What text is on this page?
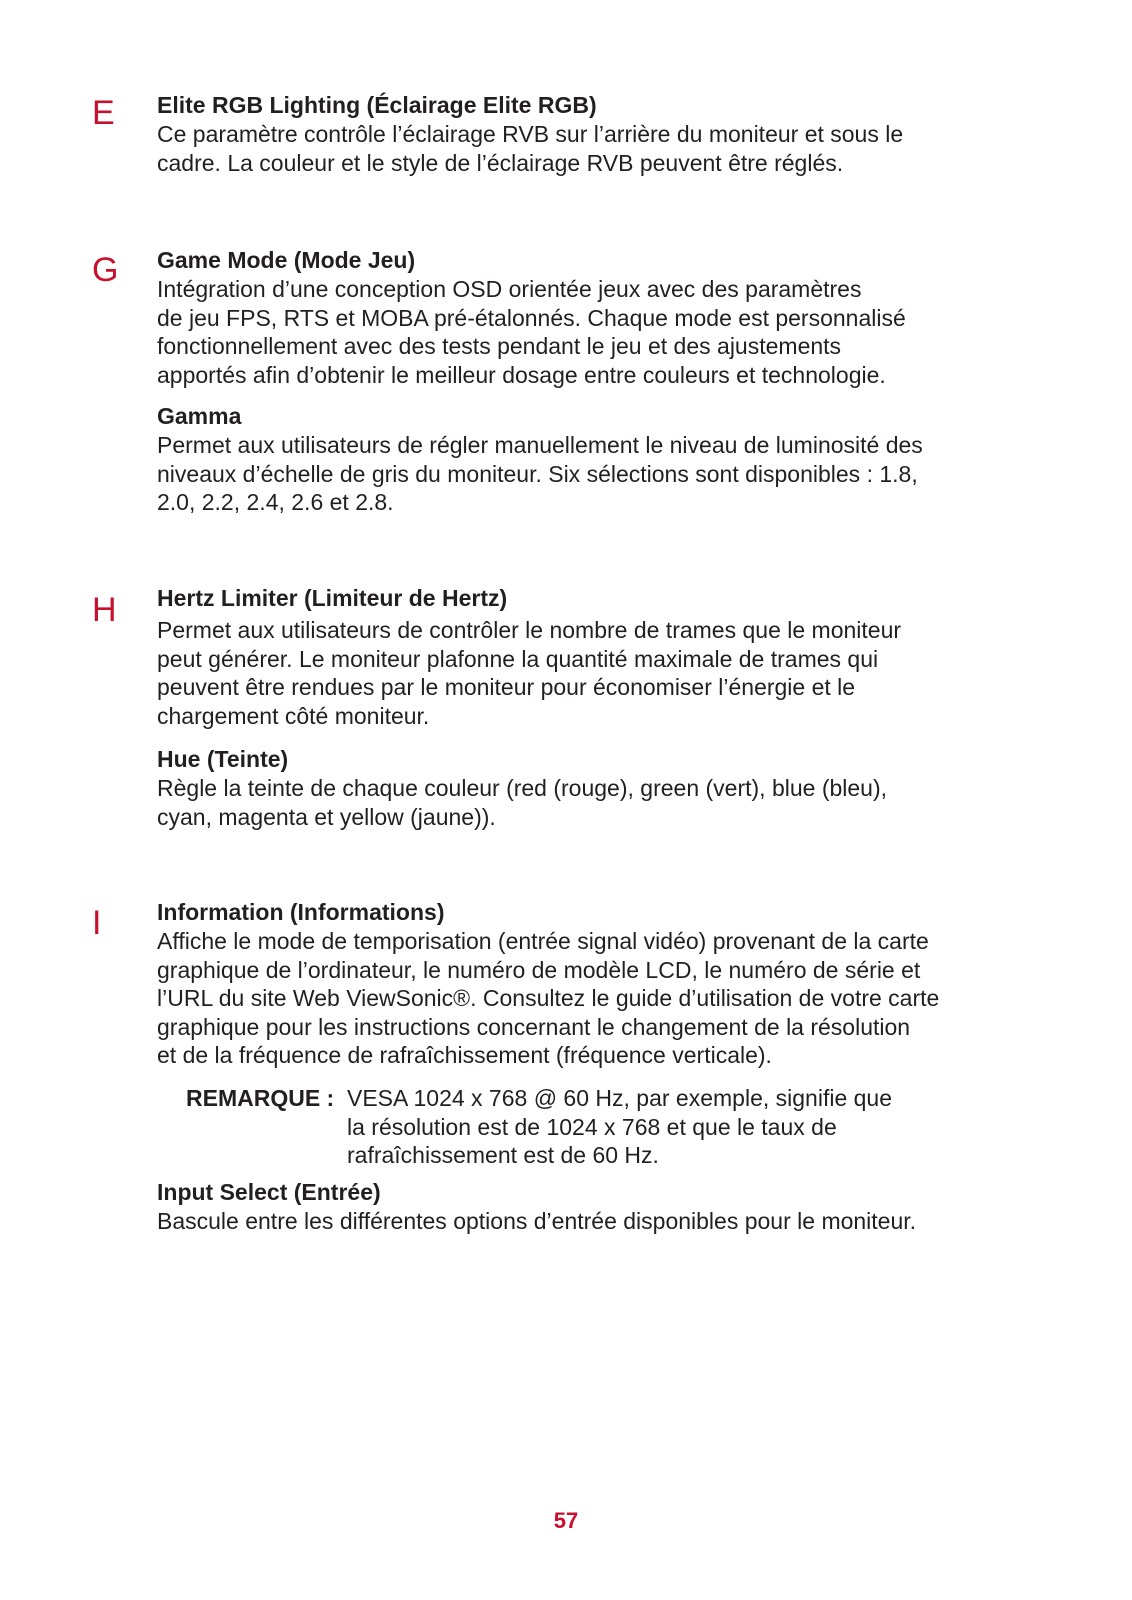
E Elite RGB Lighting (Éclairage Elite RGB)

Ce paramètre contrôle l’éclairage RVB sur l’arrière du moniteur et sous le

cadre. La couleur et le style de l’éclairage RVB peuvent être réglés.

G Game Mode (Mode Jeu)

Intégration d’une conception OSD orientée jeux avec des paramètres

de jeu FPS, RTS et MOBA pré-étalonnés. Chaque mode est personnalisé

fonctionnellement avec des tests pendant le jeu et des ajustements

apportés afin d’obtenir le meilleur dosage entre couleurs et technologie.

Gamma

Permet aux utilisateurs de régler manuellement le niveau de luminosité des

niveaux d’échelle de gris du moniteur. Six sélections sont disponibles : 1.8,

2.0, 2.2, 2.4, 2.6 et 2.8.

H Hertz Limiter (Limiteur de Hertz)

Permet aux utilisateurs de contrôler le nombre de trames que le moniteur

peut générer. Le moniteur plafonne la quantité maximale de trames qui

peuvent être rendues par le moniteur pour économiser l’énergie et le

chargement côté moniteur.

Hue (Teinte)

Règle la teinte de chaque couleur (red (rouge), green (vert), blue (bleu),

cyan, magenta et yellow (jaune)).

I Information (Informations)

Affiche le mode de temporisation (entrée signal vidéo) provenant de la carte

graphique de l’ordinateur, le numéro de modèle LCD, le numéro de série et

l’URL du site Web ViewSonic®. Consultez le guide d’utilisation de votre carte

graphique pour les instructions concernant le changement de la résolution

et de la fréquence de rafraîchissement (fréquence verticale).

REMARQUE : VESA 1024 x 768 @ 60 Hz, par exemple, signifie que

la résolution est de 1024 x 768 et que le taux de

rafraîchissement est de 60 Hz.

Input Select (Entrée)

Bascule entre les différentes options d’entrée disponibles pour le moniteur.

57
